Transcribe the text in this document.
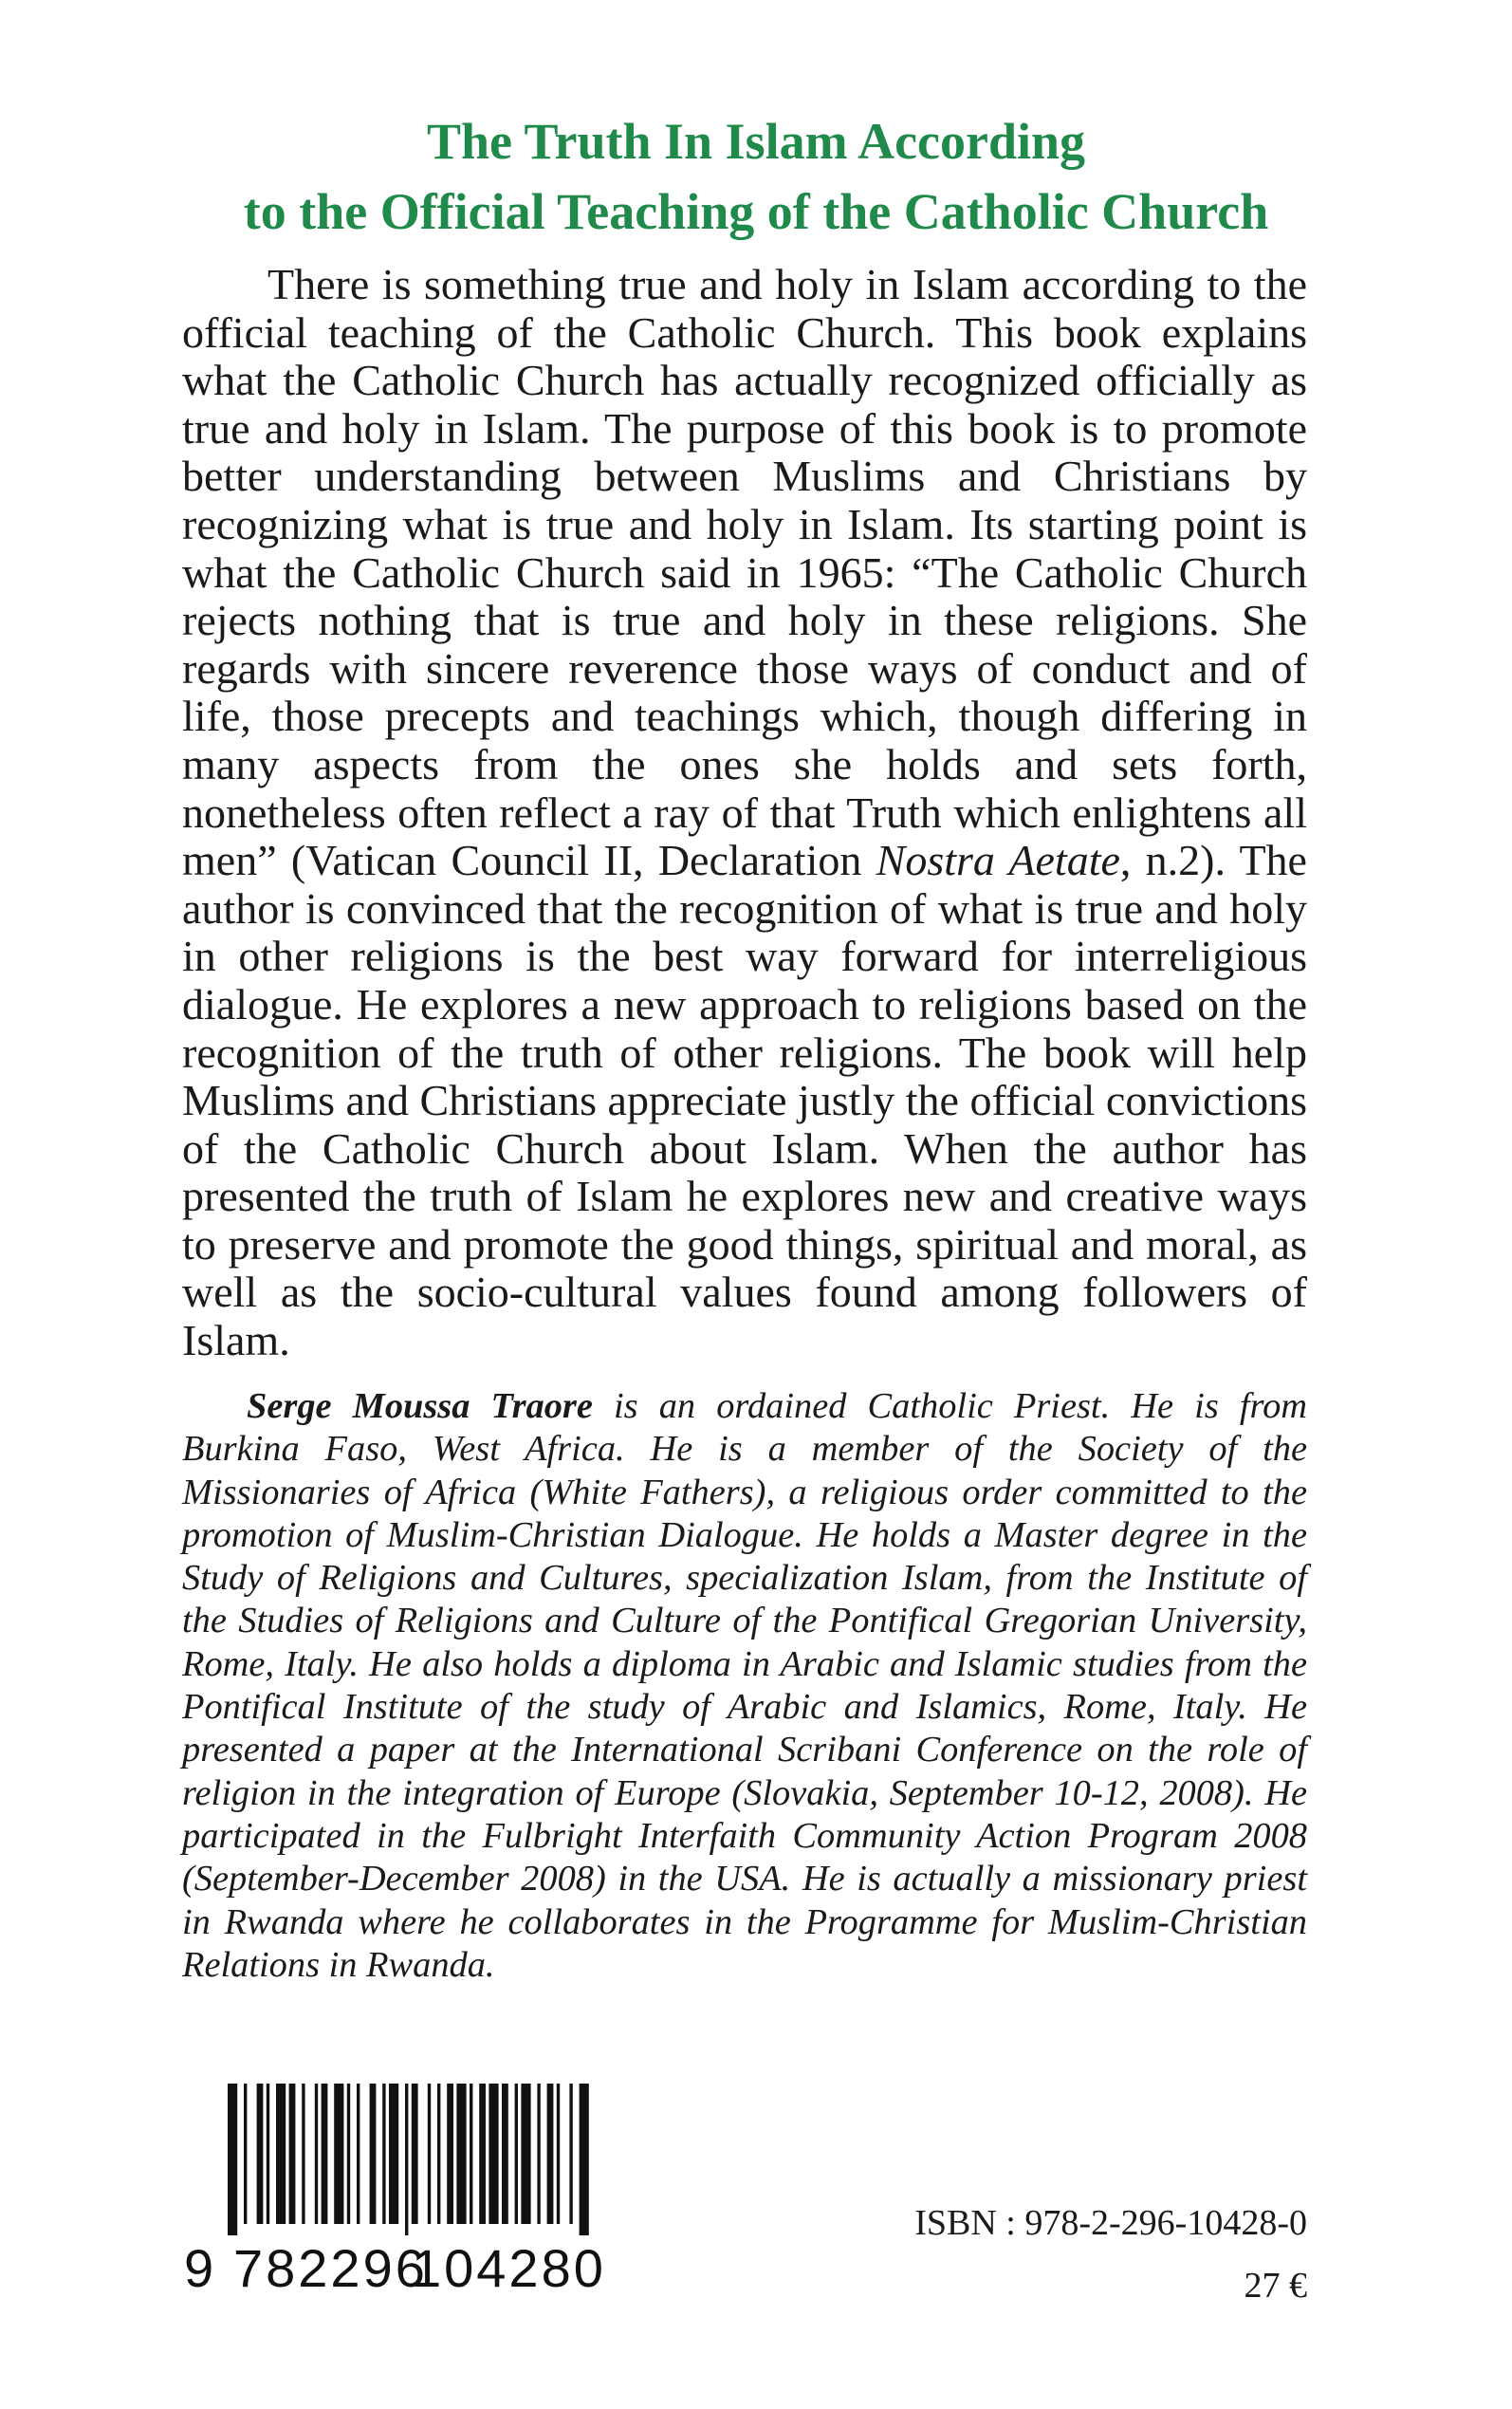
The Truth In Islam According
to the Official Teaching of the Catholic Church

There is something true and holy in Islam according to the official teaching of the Catholic Church. This book explains what the Catholic Church has actually recognized officially as true and holy in Islam. The purpose of this book is to promote better understanding between Muslims and Christians by recognizing what is true and holy in Islam. Its starting point is what the Catholic Church said in 1965: “The Catholic Church rejects nothing that is true and holy in these religions. She regards with sincere reverence those ways of conduct and of life, those precepts and teachings which, though differing in many aspects from the ones she holds and sets forth, nonetheless often reflect a ray of that Truth which enlightens all men” (Vatican Council II, Declaration Nostra Aetate, n.2). The author is convinced that the recognition of what is true and holy in other religions is the best way forward for interreligious dialogue. He explores a new approach to religions based on the recognition of the truth of other religions. The book will help Muslims and Christians appreciate justly the official convictions of the Catholic Church about Islam. When the author has presented the truth of Islam he explores new and creative ways to preserve and promote the good things, spiritual and moral, as well as the socio-cultural values found among followers of Islam.

Serge Moussa Traore is an ordained Catholic Priest. He is from Burkina Faso, West Africa. He is a member of the Society of the Missionaries of Africa (White Fathers), a religious order committed to the promotion of Muslim-Christian Dialogue. He holds a Master degree in the Study of Religions and Cultures, specialization Islam, from the Institute of the Studies of Religions and Culture of the Pontifical Gregorian University, Rome, Italy. He also holds a diploma in Arabic and Islamic studies from the Pontifical Institute of the study of Arabic and Islamics, Rome, Italy. He presented a paper at the International Scribani Conference on the role of religion in the integration of Europe (Slovakia, September 10-12, 2008). He participated in the Fulbright Interfaith Community Action Program 2008 (September-December 2008) in the USA. He is actually a missionary priest in Rwanda where he collaborates in the Programme for Muslim-Christian Relations in Rwanda.

9 782296
104280
ISBN : 978-2-296-10428-0
27 €
